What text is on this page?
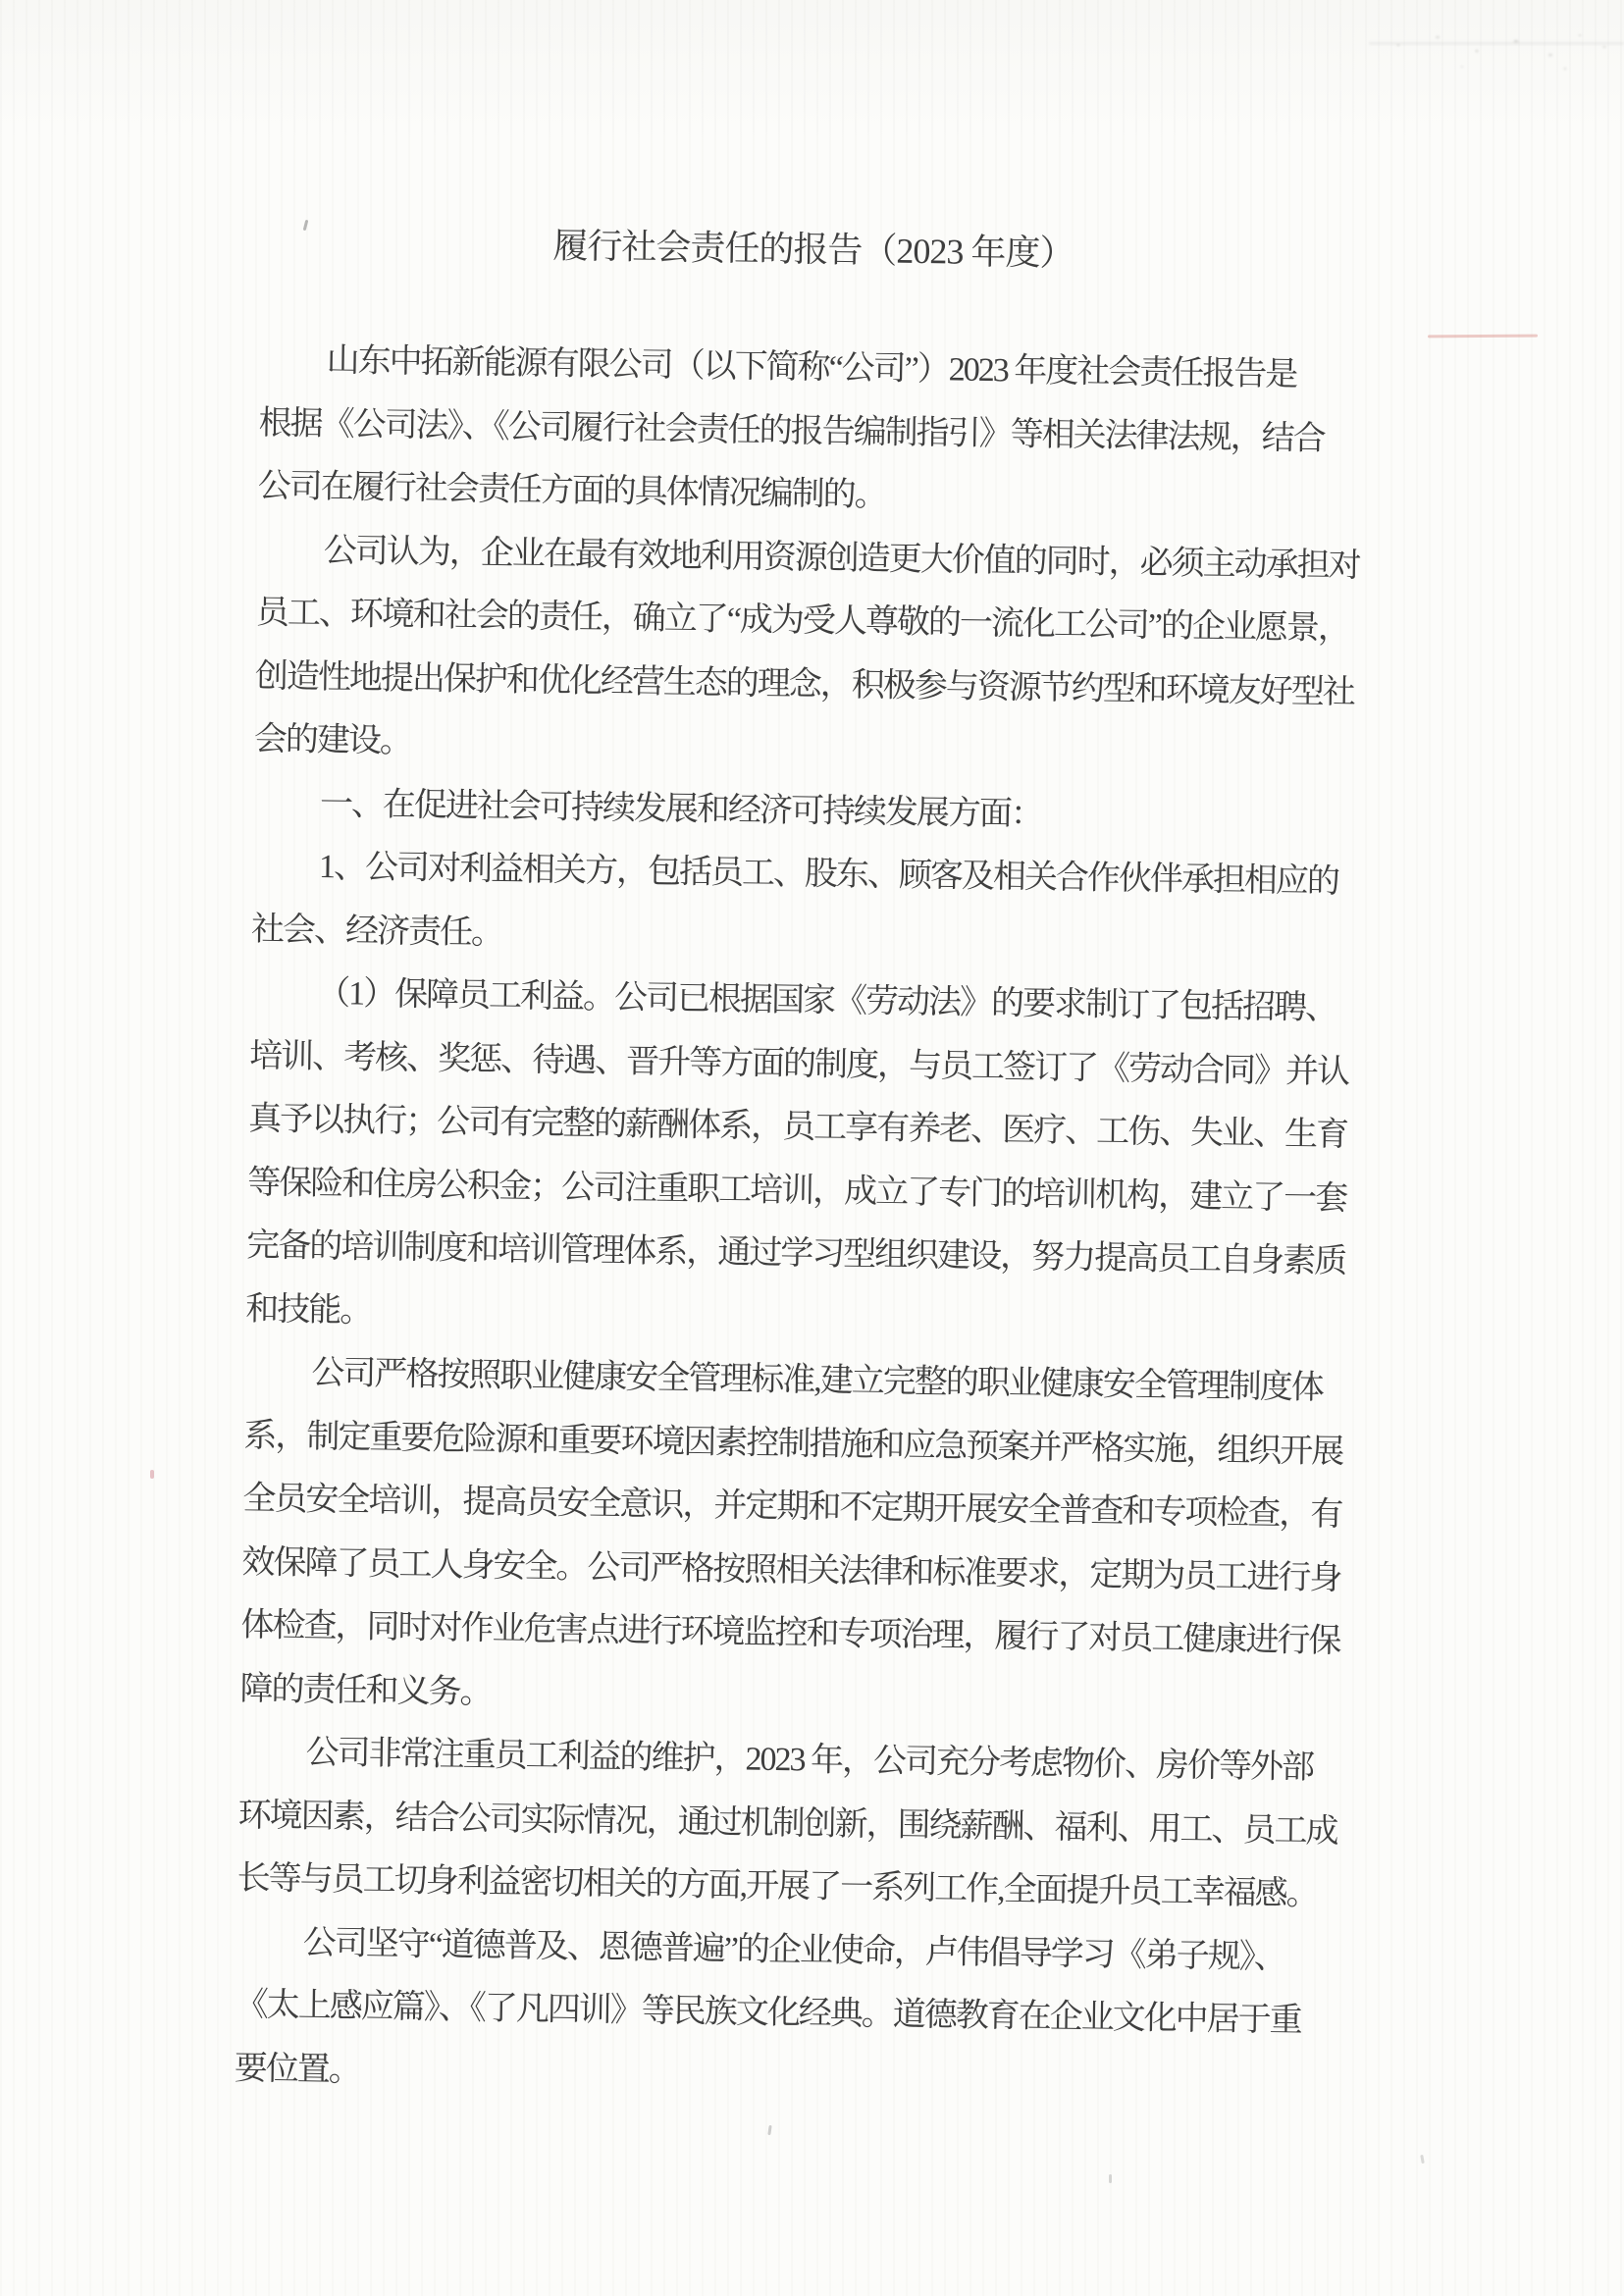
履行社会责任的报告（2023 年度）
山东中拓新能源有限公司（以下简称“公司”）2023 年度社会责任报告是
根据《公司法》、《公司履行社会责任的报告编制指引》等相关法律法规，结合
公司在履行社会责任方面的具体情况编制的。
公司认为，企业在最有效地利用资源创造更大价值的同时，必须主动承担对
员工、环境和社会的责任，确立了“成为受人尊敬的一流化工公司”的企业愿景，
创造性地提出保护和优化经营生态的理念，积极参与资源节约型和环境友好型社
会的建设。
一、在促进社会可持续发展和经济可持续发展方面：
1、公司对利益相关方，包括员工、股东、顾客及相关合作伙伴承担相应的
社会、经济责任。
（1）保障员工利益。公司已根据国家《劳动法》的要求制订了包括招聘、
培训、考核、奖惩、待遇、晋升等方面的制度，与员工签订了《劳动合同》并认
真予以执行；公司有完整的薪酬体系，员工享有养老、医疗、工伤、失业、生育
等保险和住房公积金；公司注重职工培训，成立了专门的培训机构，建立了一套
完备的培训制度和培训管理体系，通过学习型组织建设，努力提高员工自身素质
和技能。
公司严格按照职业健康安全管理标准,建立完整的职业健康安全管理制度体
系，制定重要危险源和重要环境因素控制措施和应急预案并严格实施，组织开展
全员安全培训，提高员安全意识，并定期和不定期开展安全普查和专项检查，有
效保障了员工人身安全。公司严格按照相关法律和标准要求，定期为员工进行身
体检查，同时对作业危害点进行环境监控和专项治理，履行了对员工健康进行保
障的责任和义务。
公司非常注重员工利益的维护，2023 年，公司充分考虑物价、房价等外部
环境因素，结合公司实际情况，通过机制创新，围绕薪酬、福利、用工、员工成
长等与员工切身利益密切相关的方面,开展了一系列工作,全面提升员工幸福感。
公司坚守“道德普及、恩德普遍”的企业使命，卢伟倡导学习《弟子规》、
《太上感应篇》、《了凡四训》等民族文化经典。道德教育在企业文化中居于重
要位置。
